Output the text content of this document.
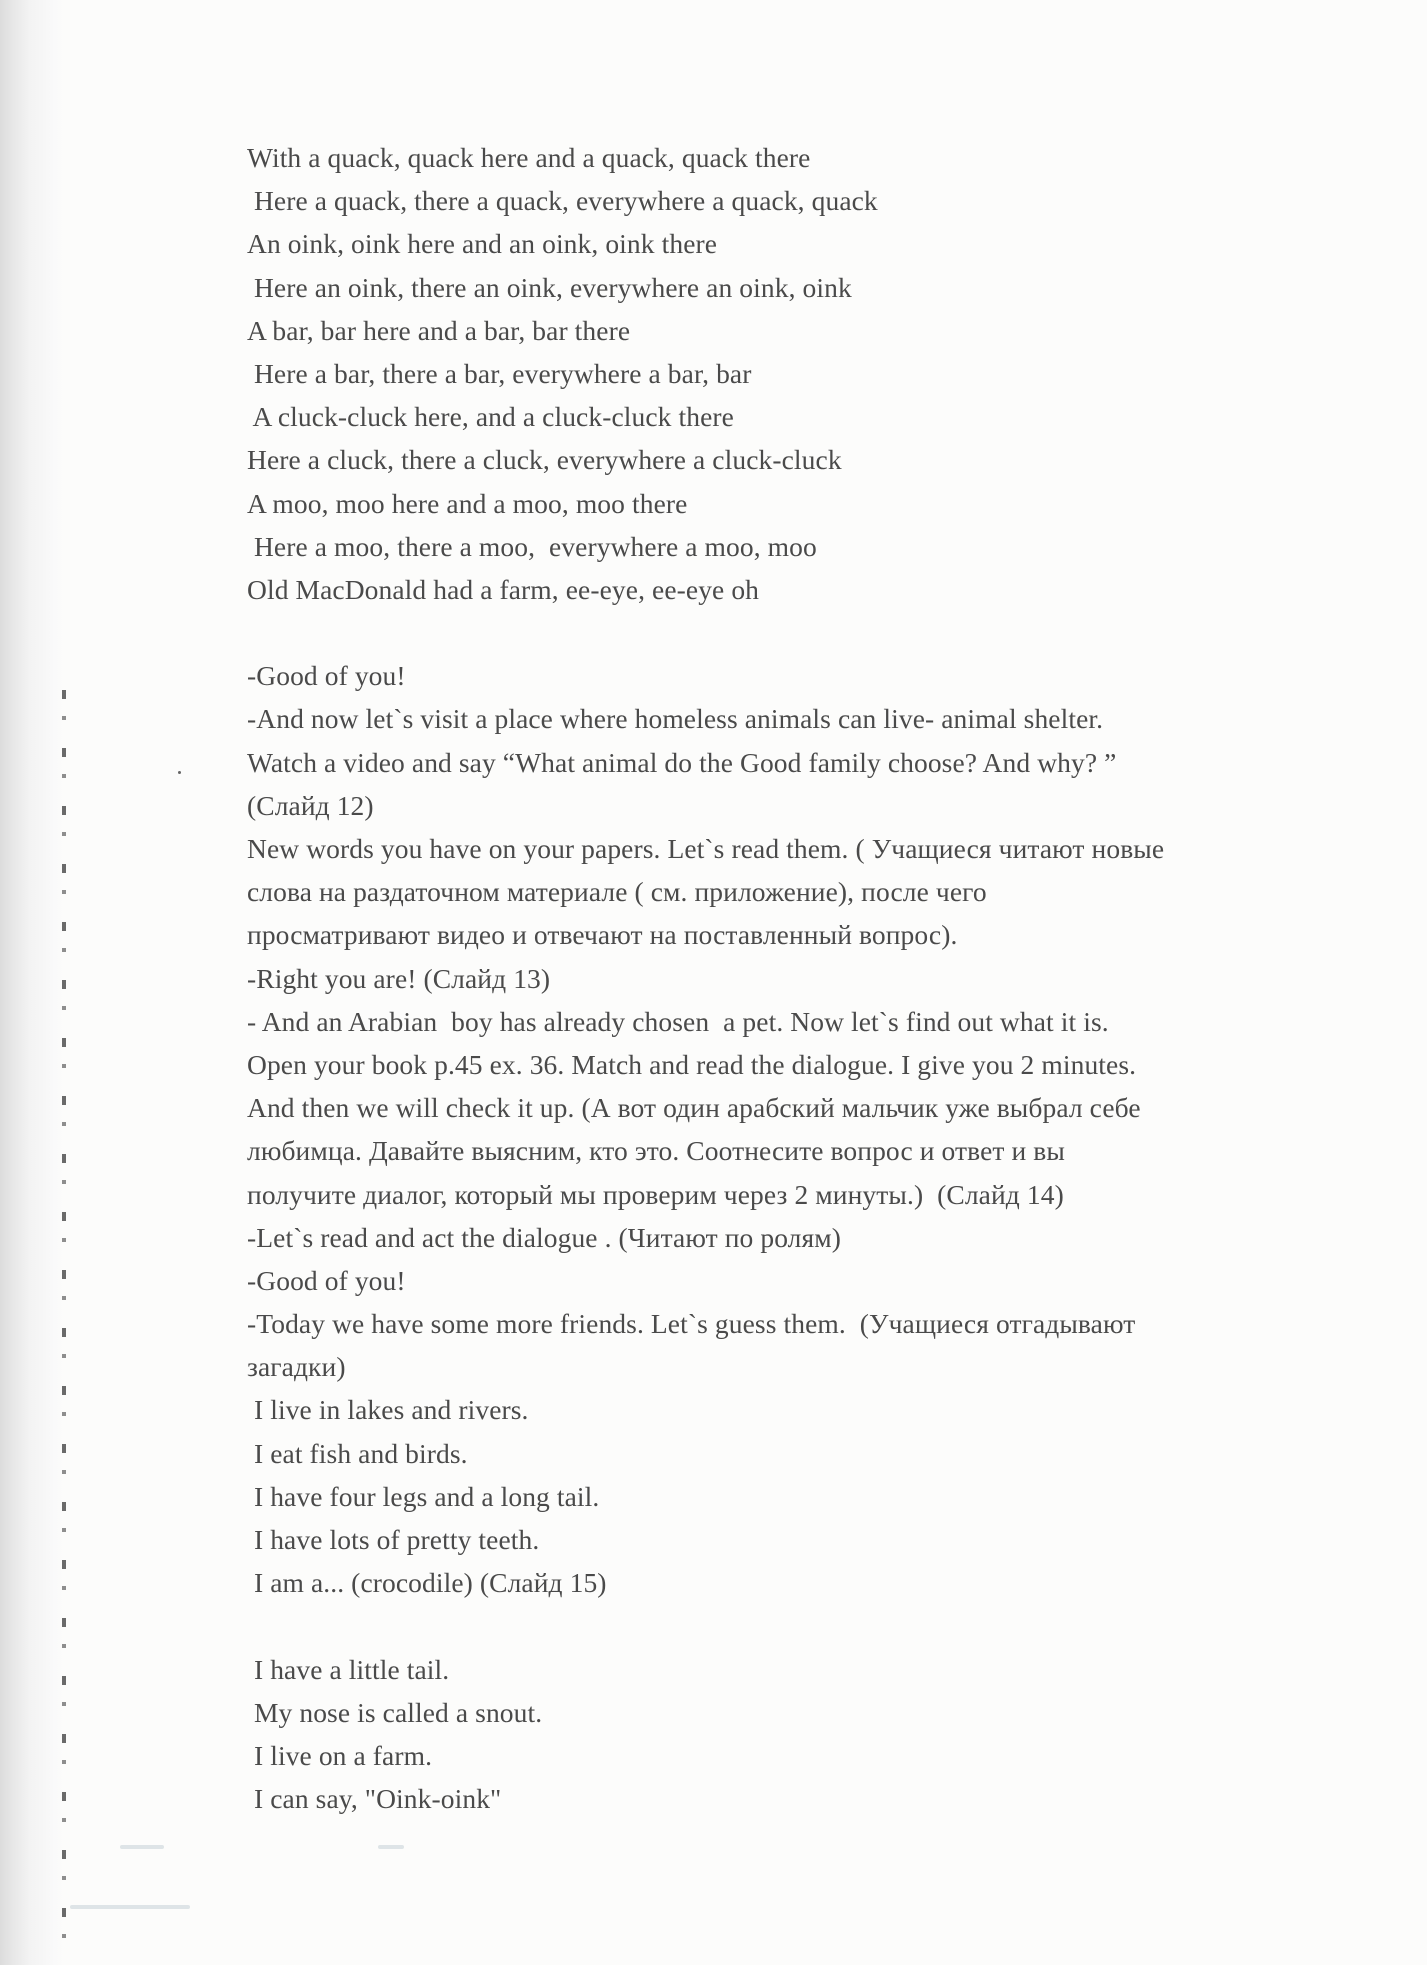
With a quack, quack here and a quack, quack there
Here a quack, there a quack, everywhere a quack, quack
An oink, oink here and an oink, oink there
Here an oink, there an oink, everywhere an oink, oink
A bar, bar here and a bar, bar there
Here a bar, there a bar, everywhere a bar, bar
A cluck-cluck here, and a cluck-cluck there
Here a cluck, there a cluck, everywhere a cluck-cluck
A moo, moo here and a moo, moo there
Here a moo, there a moo,  everywhere a moo, moo
Old MacDonald had a farm, ee-eye, ee-eye oh
-Good of you!
-And now let`s visit a place where homeless animals can live- animal shelter.
Watch a video and say “What animal do the Good family choose? And why? ”
(Слайд 12)
New words you have on your papers. Let`s read them. ( Учащиеся читают новые
слова на раздаточном материале ( см. приложение), после чего
просматривают видео и отвечают на поставленный вопрос).
-Right you are! (Слайд 13)
- And an Arabian  boy has already chosen  a pet. Now let`s find out what it is.
Open your book p.45 ex. 36. Match and read the dialogue. I give you 2 minutes.
And then we will check it up. (А вот один арабский мальчик уже выбрал себе
любимца. Давайте выясним, кто это. Соотнесите вопрос и ответ и вы
получите диалог, который мы проверим через 2 минуты.)  (Слайд 14)
-Let`s read and act the dialogue . (Читают по ролям)
-Good of you!
-Today we have some more friends. Let`s guess them.  (Учащиеся отгадывают
загадки)
I live in lakes and rivers.
I eat fish and birds.
I have four legs and a long tail.
I have lots of pretty teeth.
I am a... (crocodile) (Слайд 15)
I have a little tail.
My nose is called a snout.
I live on a farm.
I can say, "Oink-oink"
